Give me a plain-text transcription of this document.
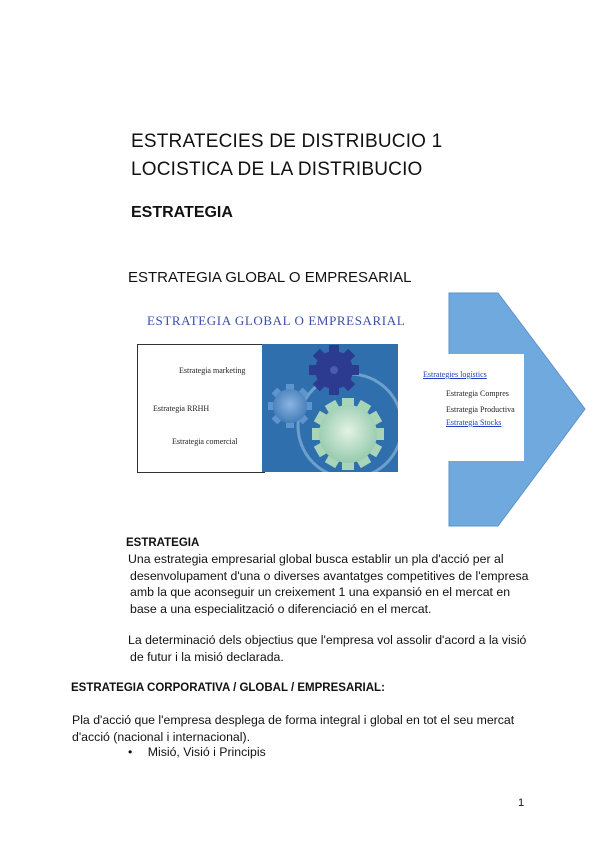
ESTRATECIES DE DISTRIBUCIO 1
LOCISTICA DE LA DISTRIBUCIO
ESTRATEGIA
ESTRATEGIA GLOBAL O EMPRESARIAL
ESTRATEGIA GLOBAL O EMPRESARIAL
Estrategia marketing
Estrategia RRHH
Estrategia comercial
Estrategies logístics
Estrategia Compres
Estrategia Productiva
Estrategia Stocks
ESTRATEGIA
Una estrategia empresarial global busca establir un pla d'acció per al
desenvolupament d'una o diverses avantatges competitives de l'empresa
amb la que aconseguir un creixement 1 una expansió en el mercat en
base a una especialització o diferenciació en el mercat.
La determinació dels objectius que l'empresa vol assolir d'acord a la visió
de futur i la misió declarada.
ESTRATEGIA CORPORATIVA / GLOBAL / EMPRESARIAL:
Pla d'acció que l'empresa desplega de forma integral i global en tot el seu mercat
d'acció (nacional i internacional).
• Misió, Visió i Principis
1
